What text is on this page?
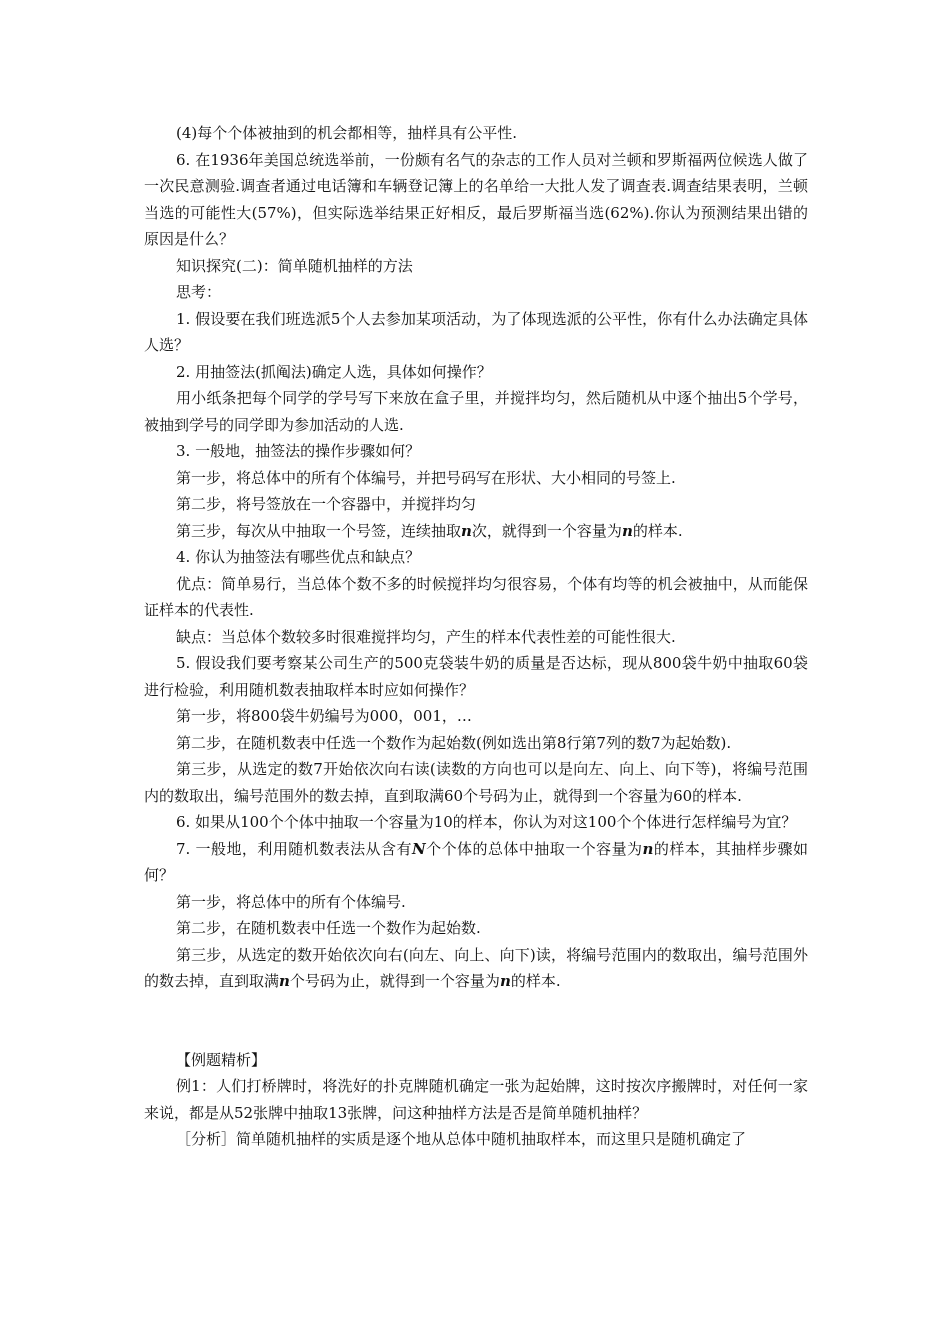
(4)每个个体被抽到的机会都相等，抽样具有公平性.

6. 在1936年美国总统选举前，一份颇有名气的杂志的工作人员对兰顿和罗斯福两位候选人做了一次民意测验.调查者通过电话簿和车辆登记簿上的名单给一大批人发了调查表.调查结果表明，兰顿当选的可能性大(57%)，但实际选举结果正好相反，最后罗斯福当选(62%).你认为预测结果出错的原因是什么？

知识探究(二)：简单随机抽样的方法

思考：

1. 假设要在我们班选派5个人去参加某项活动，为了体现选派的公平性，你有什么办法确定具体人选？

2. 用抽签法(抓阄法)确定人选，具体如何操作？

用小纸条把每个同学的学号写下来放在盒子里，并搅拌均匀，然后随机从中逐个抽出5个学号，被抽到学号的同学即为参加活动的人选.

3. 一般地，抽签法的操作步骤如何？

第一步，将总体中的所有个体编号，并把号码写在形状、大小相同的号签上.

第二步，将号签放在一个容器中，并搅拌均匀

第三步，每次从中抽取一个号签，连续抽取n次，就得到一个容量为n的样本.

4. 你认为抽签法有哪些优点和缺点？

优点：简单易行，当总体个数不多的时候搅拌均匀很容易，个体有均等的机会被抽中，从而能保证样本的代表性.

缺点：当总体个数较多时很难搅拌均匀，产生的样本代表性差的可能性很大.

5. 假设我们要考察某公司生产的500克袋装牛奶的质量是否达标，现从800袋牛奶中抽取60袋进行检验，利用随机数表抽取样本时应如何操作？

第一步，将800袋牛奶编号为000，001，…

第二步，在随机数表中任选一个数作为起始数(例如选出第8行第7列的数7为起始数).

第三步，从选定的数7开始依次向右读(读数的方向也可以是向左、向上、向下等)，将编号范围内的数取出，编号范围外的数去掉，直到取满60个号码为止，就得到一个容量为60的样本.

6. 如果从100个个体中抽取一个容量为10的样本，你认为对这100个个体进行怎样编号为宜？

7. 一般地，利用随机数表法从含有N个个体的总体中抽取一个容量为n的样本，其抽样步骤如何？

第一步，将总体中的所有个体编号.

第二步，在随机数表中任选一个数作为起始数.

第三步，从选定的数开始依次向右(向左、向上、向下)读，将编号范围内的数取出，编号范围外的数去掉，直到取满n个号码为止，就得到一个容量为n的样本.

【例题精析】

例1：人们打桥牌时，将洗好的扑克牌随机确定一张为起始牌，这时按次序搬牌时，对任何一家来说，都是从52张牌中抽取13张牌，问这种抽样方法是否是简单随机抽样？

［分析］简单随机抽样的实质是逐个地从总体中随机抽取样本，而这里只是随机确定了
